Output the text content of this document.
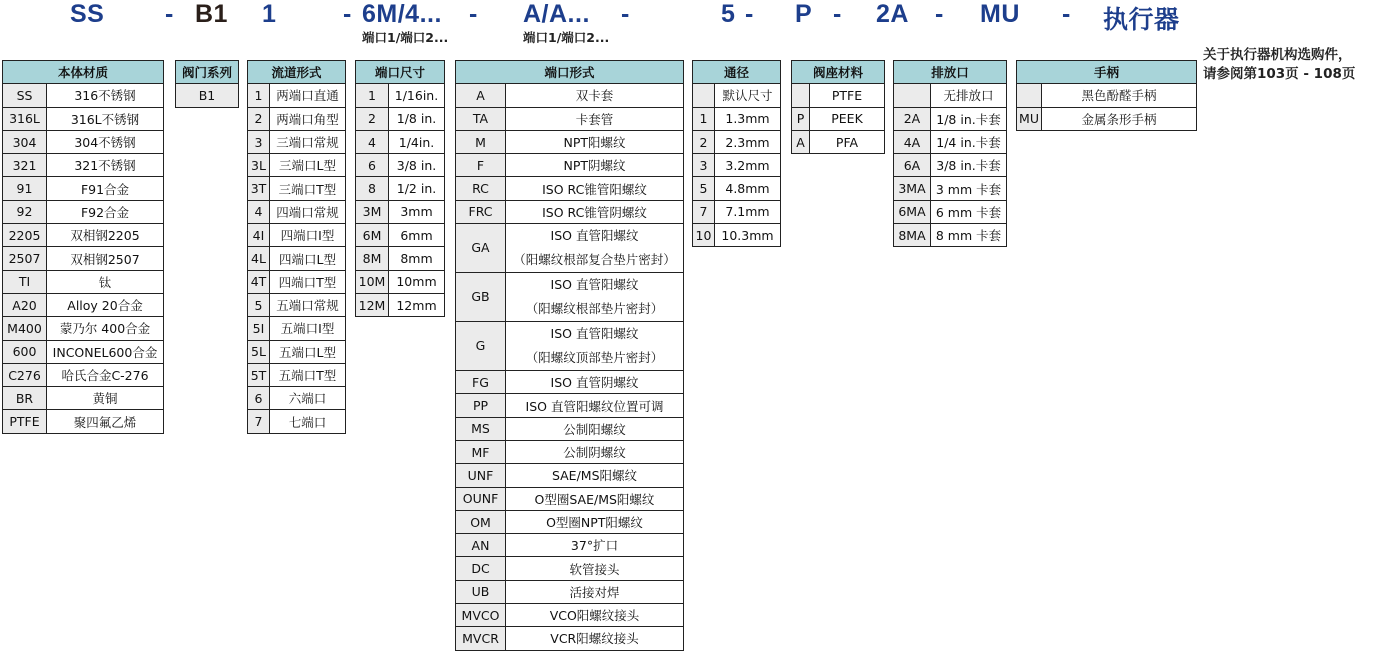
SS - B1 1	- 6M/4... - A/A... -	5 - P - 2A - MU - 执行器
端口1/端口2...	端口1/端口2...
关于执行器机构选购件，
请参阅第103页 - 108页
本体材质	
SS	316不锈钢
316L	316L不锈钢
304	304不锈钢
321	321不锈钢
91	F91合金
92	F92合金
2205	双相钢2205
2507	双相钢2507
TI	钛
A20	Alloy 20合金
M400	蒙乃尔 400合金
600	INCONEL600合金
C276	哈氏合金C-276
BR	黄铜
PTFE	聚四氟乙烯
阀门系列
B1
流道形式	
1	两端口直通
2	两端口角型
3	三端口常规
3L	三端口L型
3T	三端口T型
4	四端口常规
4I	四端口I型
4L	四端口L型
4T	四端口T型
5	五端口常规
5I	五端口I型
5L	五端口L型
5T	五端口T型
6	六端口
7	七端口
端口尺寸	
1	1/16in.
2	1/8 in.
4	1/4in.
6	3/8 in.
8	1/2 in.
3M	3mm
6M	6mm
8M	8mm
10M	10mm
12M	12mm
端口形式	
A	双卡套
TA	卡套管
M	NPT阳螺纹
F	NPT阴螺纹
RC	ISO RC锥管阳螺纹
FRC	ISO RC锥管阴螺纹
GA	ISO 直管阳螺纹
（阳螺纹根部复合垫片密封）
GB	ISO 直管阳螺纹
（阳螺纹根部垫片密封）
G	ISO 直管阳螺纹
（阳螺纹顶部垫片密封）
FG	ISO 直管阴螺纹
PP	ISO 直管阳螺纹位置可调
MS	公制阳螺纹
MF	公制阴螺纹
UNF	SAE/MS阳螺纹
OUNF	O型圈SAE/MS阳螺纹
OM	O型圈NPT阳螺纹
AN	37°扩口
DC	软管接头
UB	活接对焊
MVCO	VCO阳螺纹接头
MVCR	VCR阳螺纹接头
通径	
	默认尺寸
1	1.3mm
2	2.3mm
3	3.2mm
5	4.8mm
7	7.1mm
10	10.3mm
阀座材料	
	PTFE
P	PEEK
A	PFA
排放口	
	无排放口
2A	1/8 in.卡套
4A	1/4 in.卡套
6A	3/8 in.卡套
3MA	3 mm 卡套
6MA	6 mm 卡套
8MA	8 mm 卡套
手柄	
	黑色酚醛手柄
MU	金属条形手柄
